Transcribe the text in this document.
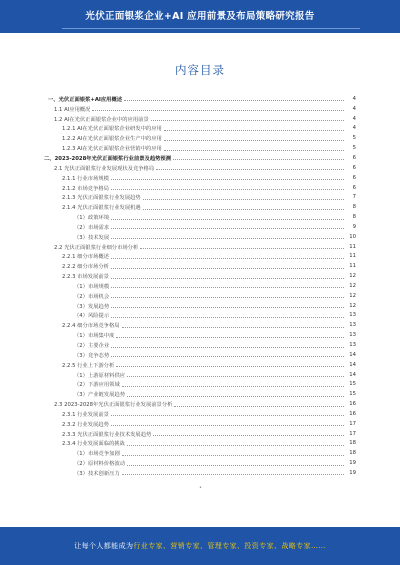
光伏正面银浆企业+AI 应用前景及布局策略研究报告
内容目录
一、光伏正面银浆+AI应用概述	4
1.1 AI应用概况	4
1.2 AI在光伏正面银浆企业中的应用前景	4
1.2.1 AI在光伏正面银浆企业研发中的应用	4
1.2.2 AI在光伏正面银浆企业生产中的应用	5
1.2.3 AI在光伏正面银浆企业营销中的应用	5
二、2023-2028年光伏正面银浆行业前景及趋势预测	6
2.1 光伏正面银浆行业发展现状及竞争格局	6
2.1.1 行业市场规模	6
2.1.2 市场竞争格局	6
2.1.3 光伏正面银浆行业发展趋势	7
2.1.4 光伏正面银浆行业发展机遇	8
（1）政策环境	8
（2）市场需求	9
（3）技术发展	10
2.2 光伏正面银浆行业细分市场分析	11
2.2.1 细分市场概述	11
2.2.2 细分市场分析	11
2.2.3 市场发展前景	12
（1）市场规模	12
（2）市场机会	12
（3）发展趋势	12
（4）风险提示	13
2.2.4 细分市场竞争格局	13
（1）市场集中度	13
（2）主要企业	13
（3）竞争态势	14
2.2.5 行业上下游分析	14
（1）上游原材料供应	14
（2）下游应用领域	15
（3）产业链发展趋势	15
2.3 2023-2028年光伏正面银浆行业发展前景分析	16
2.3.1 行业发展前景	16
2.3.2 行业发展趋势	17
2.3.3 光伏正面银浆行业技术发展趋势	17
2.3.4 行业发展面临的挑战	18
（1）市场竞争加剧	18
（2）原材料价格波动	19
（3）技术创新压力	19
•
让每个人都能成为行业专家、营销专家、管理专家、投资专家、战略专家……
